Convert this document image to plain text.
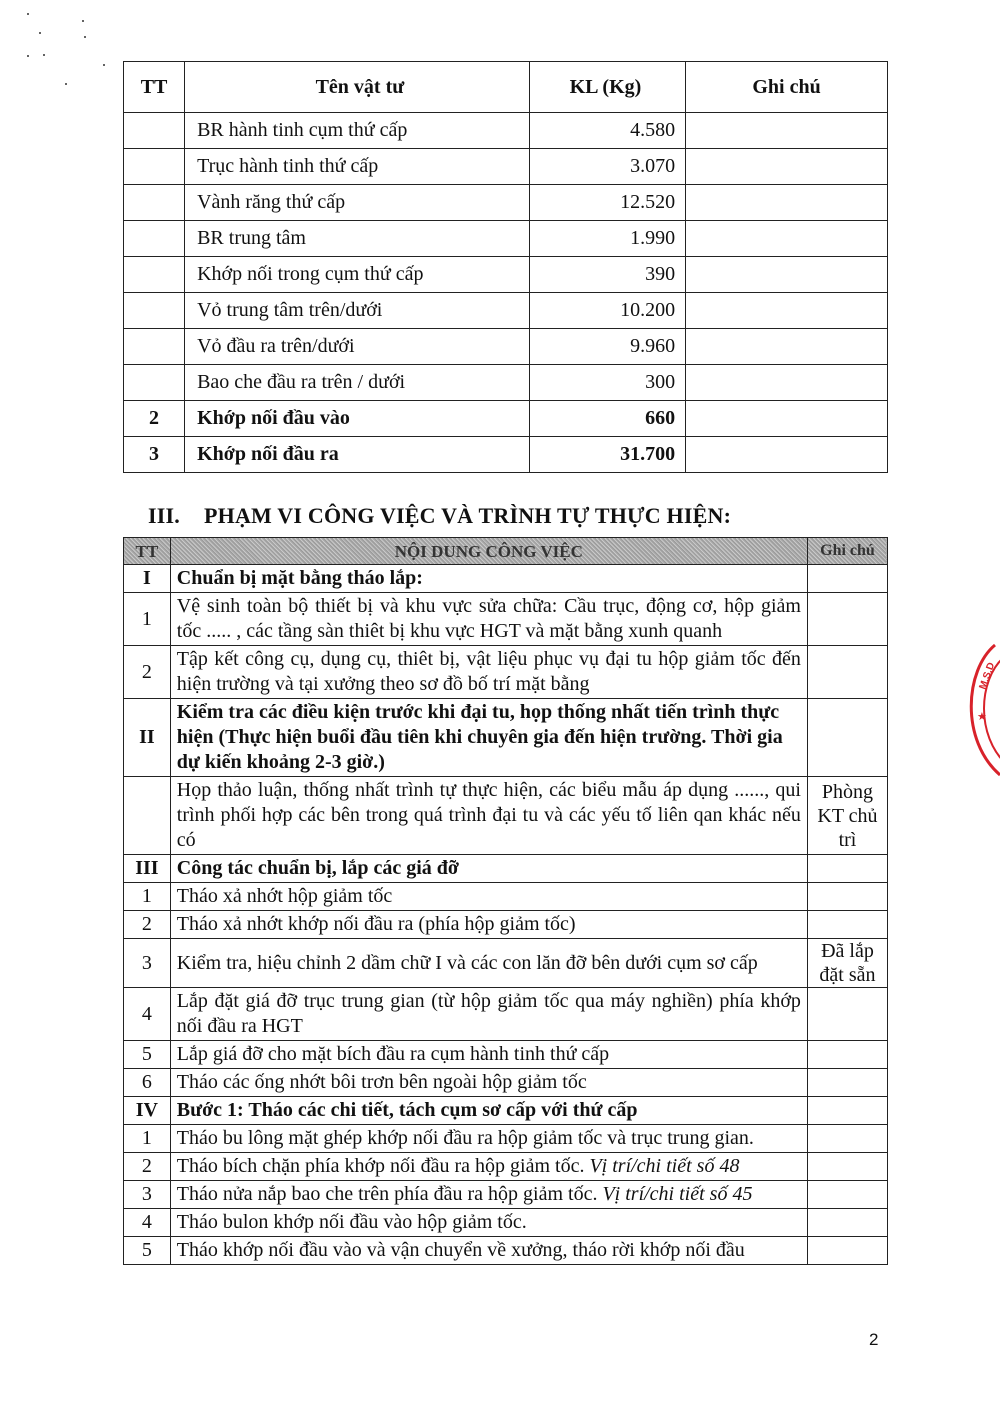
TT	Tên vật tư	KL (Kg)	Ghi chú
	BR hành tinh cụm thứ cấp	4.580	
	Trục hành tinh thứ cấp	3.070	
	Vành răng thứ cấp	12.520	
	BR trung tâm	1.990	
	Khớp nối trong cụm thứ cấp	390	
	Vỏ trung tâm trên/dưới	10.200	
	Vỏ đầu ra trên/dưới	9.960	
	Bao che đầu ra trên / dưới	300	
2	Khớp nối đầu vào	660	
3	Khớp nối đầu ra	31.700	
III. PHẠM VI CÔNG VIỆC VÀ TRÌNH TỰ THỰC HIỆN:
TT	NỘI DUNG CÔNG VIỆC	Ghi chú
I	Chuẩn bị mặt bằng tháo lắp:	
1	Vệ sinh toàn bộ thiết bị và khu vực sửa chữa: Cầu trục, động cơ, hộp giảm tốc ..... , các tầng sàn thiêt bị khu vực HGT và mặt bằng xunh quanh	
2	Tập kết công cụ, dụng cụ, thiêt bị, vật liệu phục vụ đại tu hộp giảm tốc đến hiện trường và tại xưởng theo sơ đồ bố trí mặt bằng	
II	Kiểm tra các điều kiện trước khi đại tu, họp thống nhất tiến trình thực hiện (Thực hiện buổi đầu tiên khi chuyên gia đến hiện trường. Thời gia dự kiến khoảng 2-3 giờ.)	
	Họp thảo luận, thống nhất trình tự thực hiện, các biểu mẫu áp dụng ......, qui trình phối hợp các bên trong quá trình đại tu và các yếu tố liên qan khác nếu có	Phòng KT chủ trì
III	Công tác chuẩn bị, lắp các giá đỡ	
1	Tháo xả nhớt hộp giảm tốc	
2	Tháo xả nhớt khớp nối đầu ra (phía hộp giảm tốc)	
3	Kiểm tra, hiệu chỉnh 2 dầm chữ I và các con lăn đỡ bên dưới cụm sơ cấp	Đã lắp đặt sẵn
4	Lắp đặt giá đỡ trục trung gian (từ hộp giảm tốc qua máy nghiền) phía khớp nối đầu ra HGT	
5	Lắp giá đỡ cho mặt bích đầu ra cụm hành tinh thứ cấp	
6	Tháo các ống nhớt bôi trơn bên ngoài hộp giảm tốc	
IV	Bước 1: Tháo các chi tiết, tách cụm sơ cấp với thứ cấp	
1	Tháo bu lông mặt ghép khớp nối đầu ra hộp giảm tốc và trục trung gian.	
2	Tháo bích chặn phía khớp nối đầu ra hộp giảm tốc. Vị trí/chi tiết số 48	
3	Tháo nửa nắp bao che trên phía đầu ra hộp giảm tốc. Vị trí/chi tiết số 45	
4	Tháo bulon khớp nối đầu vào hộp giảm tốc.	
5	Tháo khớp nối đầu vào và vận chuyển về xưởng, tháo rời khớp nối đầu	
M.S.D
★
2
